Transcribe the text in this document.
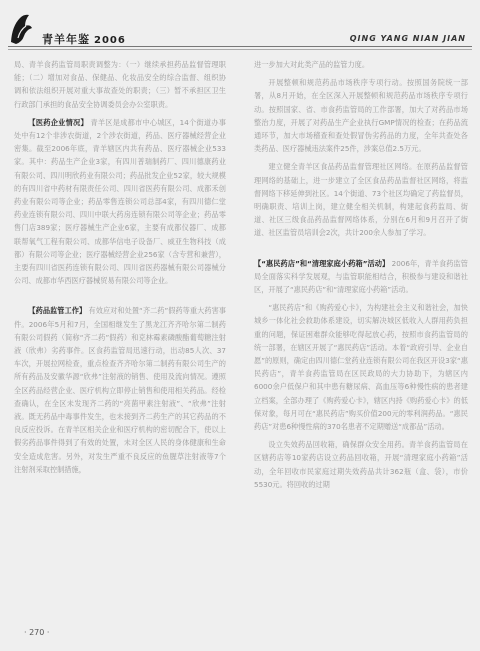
青羊年鉴 2006	QING YANG NIAN JIAN

局、青羊食药监管局职责调整为：（一）继续承担药品监督管理职能；（二）增加对食品、保健品、化妆品安全的综合监督、组织协调和依法组织开展对重大事故查处的职责；（三）暂不承担区卫生行政部门承担的食品安全协调委员会办公室职责。

【医药企业情况】 青羊区是成都市中心城区，14个街道办事处中有12个非涉农街道，2个涉农街道，药品、医疗器械经营企业密集。截至2006年底，青羊辖区内共有药品、医疗器械企业533家。其中：药品生产企业3家，有四川普瑞制药厂、四川德康药业有限公司、四川明欣药业有限公司；药品批发企业52家，较大规模的有四川省中药材有限责任公司、四川省医药有限公司、成都禾创药业有限公司等企业；药品零售连锁公司总部4家，有四川德仁堂药业连锁有限公司、四川中联大药房连锁有限公司等企业；药品零售门店389家；医疗器械生产企业6家，主要有成都仪器厂、成都联帮氧气工程有限公司、成都华信电子设备厂、威亚生物科技（成都）有限公司等企业；医疗器械经营企业256家（含专营和兼营），主要有四川省医药连锁有限公司、四川省医药器械有限公司器械分公司、成都市华西医疗器械贸易有限公司等企业。

【药品监管工作】 有效应对和处置“齐二药”假药等重大药害事件。2006年5月和7月，全国相继发生了黑龙江齐齐哈尔第二制药有限公司假药（简称“齐二药”假药）和克林霉素磷酸酯葡萄糖注射液（欣弗）劣药事件。区食药监管局迅速行动，出动85人次、37车次，开展拉网检查，重点检查齐齐哈尔第二制药有限公司生产的所有药品及安徽华源“欣弗”注射液的销售、使用及流向情况。遵照全区药品经营企业、医疗机构立即停止销售和使用相关药品。经检查确认，在全区未发现齐二药的“亮菌甲素注射液”、“欣弗”注射液。既无药品中毒事件发生，也未接到齐二药生产的其它药品的不良反应投诉。在青羊区相关企业和医疗机构的密切配合下，使以上假劣药品事件得到了有效的处置，未对全区人民的身体健康和生命安全造成危害。另外，对发生严重不良反应的鱼腥草注射液等7个注射剂采取控制措施，

进一步加大对此类产品的监管力度。

开展整顿和规范药品市场秩序专项行动。按照国务院统一部署，从8月开始，在全区深入开展整顿和规范药品市场秩序专项行动。按照国家、省、市食药监管局的工作部署，加大了对药品市场整治力度，开展了对药品生产企业执行GMP情况的检查；在药品流通环节，加大市场稽查和查处假冒伪劣药品的力度，全年共查处各类药品、医疗器械违法案件25件，涉案总值2.5万元。

建立健全青羊区食品药品监督管理社区网络。在原药品监督管理网络的基础上，进一步建立了全区食品药品监督社区网络，将监督网络下移延伸到社区。14个街道、73个社区均确定了药监督员，明确职责、培训上岗，建立健全相关机制，构建起食药监局、街道、社区三级食品药品监督网络体系，分别在6月和9月召开了街道、社区监管员培训会2次，共计200余人参加了学习。

【“惠民药店”和“清理家庭小药箱”活动】 2006年，青羊食药监管局全面落实科学发展观，与监管职能相结合，积极参与建设和谐社区，开展了“惠民药店”和“清理家庭小药箱”活动。

“惠民药店”和《购药爱心卡》，为构建社会主义和谐社会，加快城乡一体化社会救助体系建设，切实解决城区低收入人群用药负担重的问题，保证困难群众能够吃得起放心药，按照市食药监管局的统一部署，在辖区开展了“惠民药店”活动。本着“政府引导、企业自愿”的原则，确定由四川德仁堂药业连锁有限公司在我区开设3家“惠民药店”，青羊食药监管局在区民政局的大力协助下，为辖区内6000余户低保户和其中患有糖尿病、高血压等6种慢性病的患者建立档案，全部办理了《购药爱心卡》，辖区内持《购药爱心卡》的低保对象，每月可在“惠民药店”购买价值200元的零利润药品。“惠民药店”对患6种慢性病的370名患者不定期赠送“成都品”活动。

设立失效药品回收箱，确保群众安全用药。青羊食药监管局在区辖药店等10家药店设立药品回收箱，开展“清理家庭小药箱”活动，全年回收市民家庭过期失效药品共计362瓶（盒、袋），市价5530元。将回收的过期

· 270 ·
